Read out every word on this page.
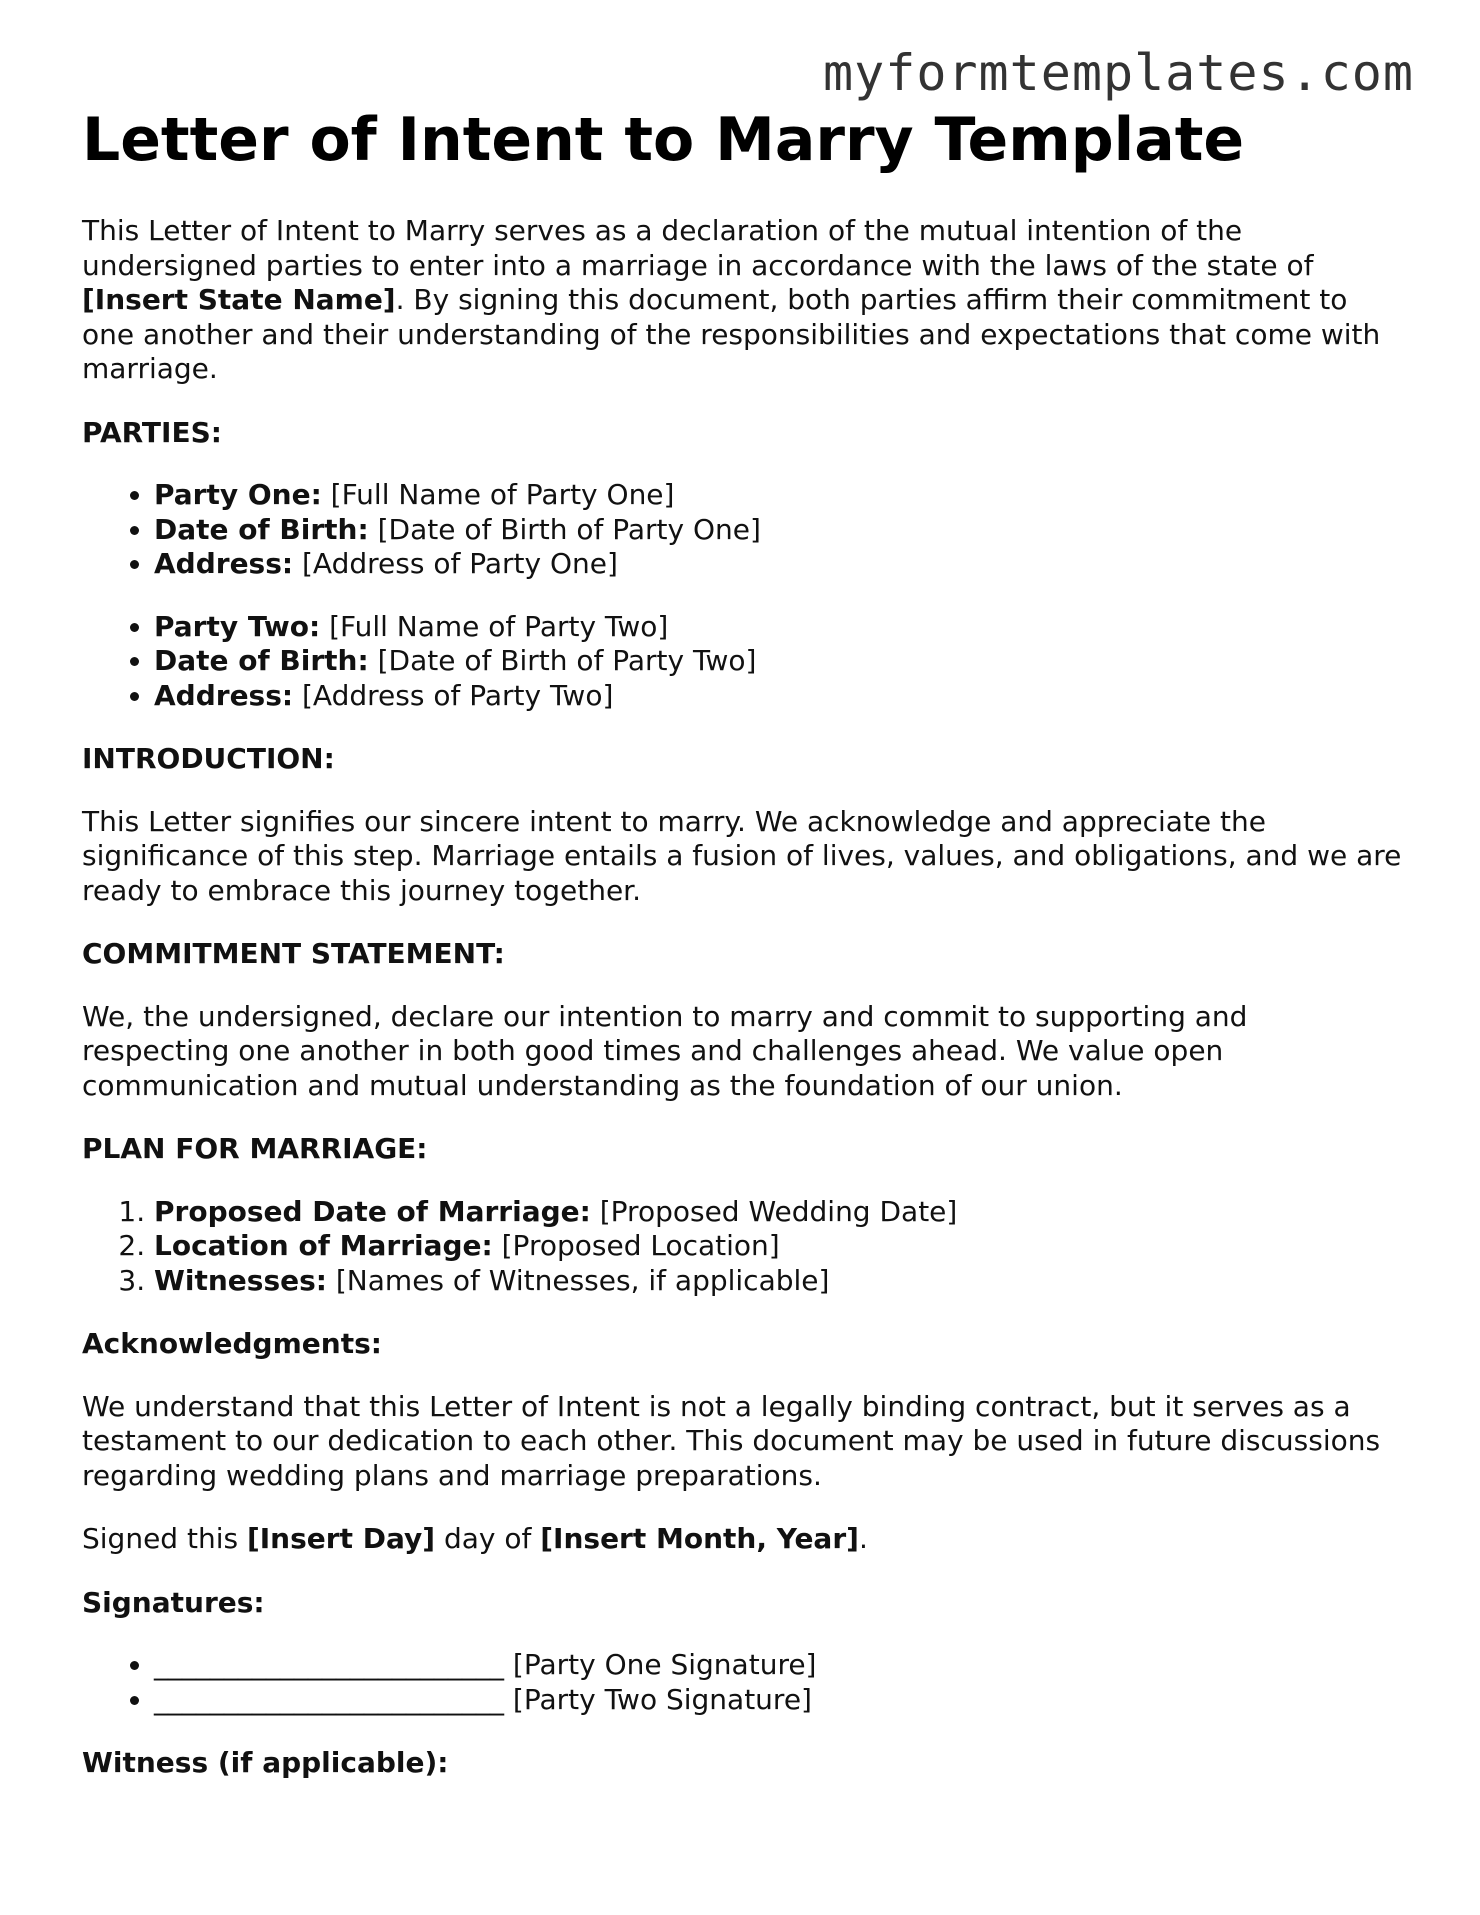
myformtemplates.com
Letter of Intent to Marry Template

This Letter of Intent to Marry serves as a declaration of the mutual intention of the undersigned parties to enter into a marriage in accordance with the laws of the state of [Insert State Name]. By signing this document, both parties affirm their commitment to one another and their understanding of the responsibilities and expectations that come with marriage.

PARTIES:

• Party One: [Full Name of Party One]
• Date of Birth: [Date of Birth of Party One]
• Address: [Address of Party One]
• Party Two: [Full Name of Party Two]
• Date of Birth: [Date of Birth of Party Two]
• Address: [Address of Party Two]

INTRODUCTION:

This Letter signifies our sincere intent to marry. We acknowledge and appreciate the significance of this step. Marriage entails a fusion of lives, values, and obligations, and we are ready to embrace this journey together.

COMMITMENT STATEMENT:

We, the undersigned, declare our intention to marry and commit to supporting and respecting one another in both good times and challenges ahead. We value open communication and mutual understanding as the foundation of our union.

PLAN FOR MARRIAGE:

1. Proposed Date of Marriage: [Proposed Wedding Date]
2. Location of Marriage: [Proposed Location]
3. Witnesses: [Names of Witnesses, if applicable]

Acknowledgments:

We understand that this Letter of Intent is not a legally binding contract, but it serves as a testament to our dedication to each other. This document may be used in future discussions regarding wedding plans and marriage preparations.

Signed this [Insert Day] day of [Insert Month, Year].

Signatures:

• _________________________ [Party One Signature]
• _________________________ [Party Two Signature]

Witness (if applicable):
